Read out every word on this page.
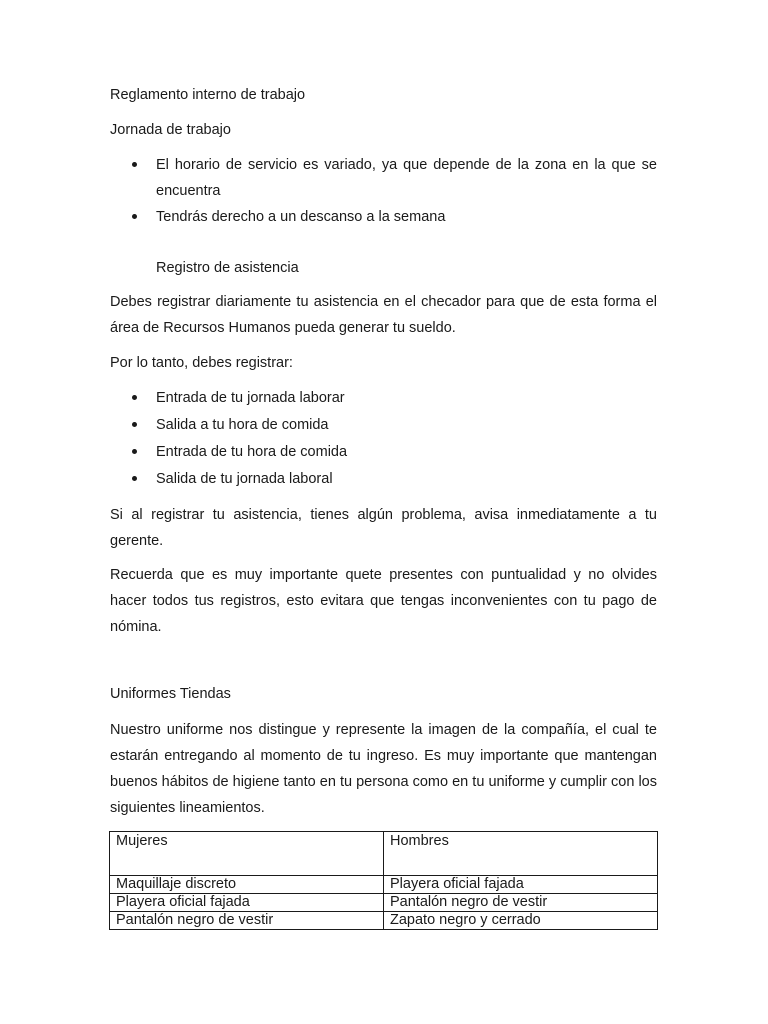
Reglamento interno de trabajo
Jornada de trabajo
El horario de servicio es variado, ya que depende de la zona en la que se encuentra
Tendrás derecho a un descanso a la semana
Registro de asistencia
Debes registrar diariamente tu asistencia en el checador para que de esta forma el área de Recursos Humanos pueda generar tu sueldo.
Por lo tanto, debes registrar:
Entrada de tu jornada laborar
Salida a tu hora de comida
Entrada de tu hora de comida
Salida de tu jornada laboral
Si al registrar tu asistencia, tienes algún problema, avisa inmediatamente a tu gerente.
Recuerda que es muy importante quete presentes con puntualidad y no olvides hacer todos tus registros, esto evitara que tengas inconvenientes con tu pago de nómina.
Uniformes Tiendas
Nuestro uniforme nos distingue y represente la imagen de la compañía, el cual te estarán entregando al momento de tu ingreso. Es muy importante que mantengan buenos hábitos de higiene tanto en tu persona como en tu uniforme y cumplir con los siguientes lineamientos.
Mujeres	Hombres
Maquillaje discreto	Playera oficial fajada
Playera oficial fajada	Pantalón negro de vestir
Pantalón negro de vestir	Zapato negro y cerrado
